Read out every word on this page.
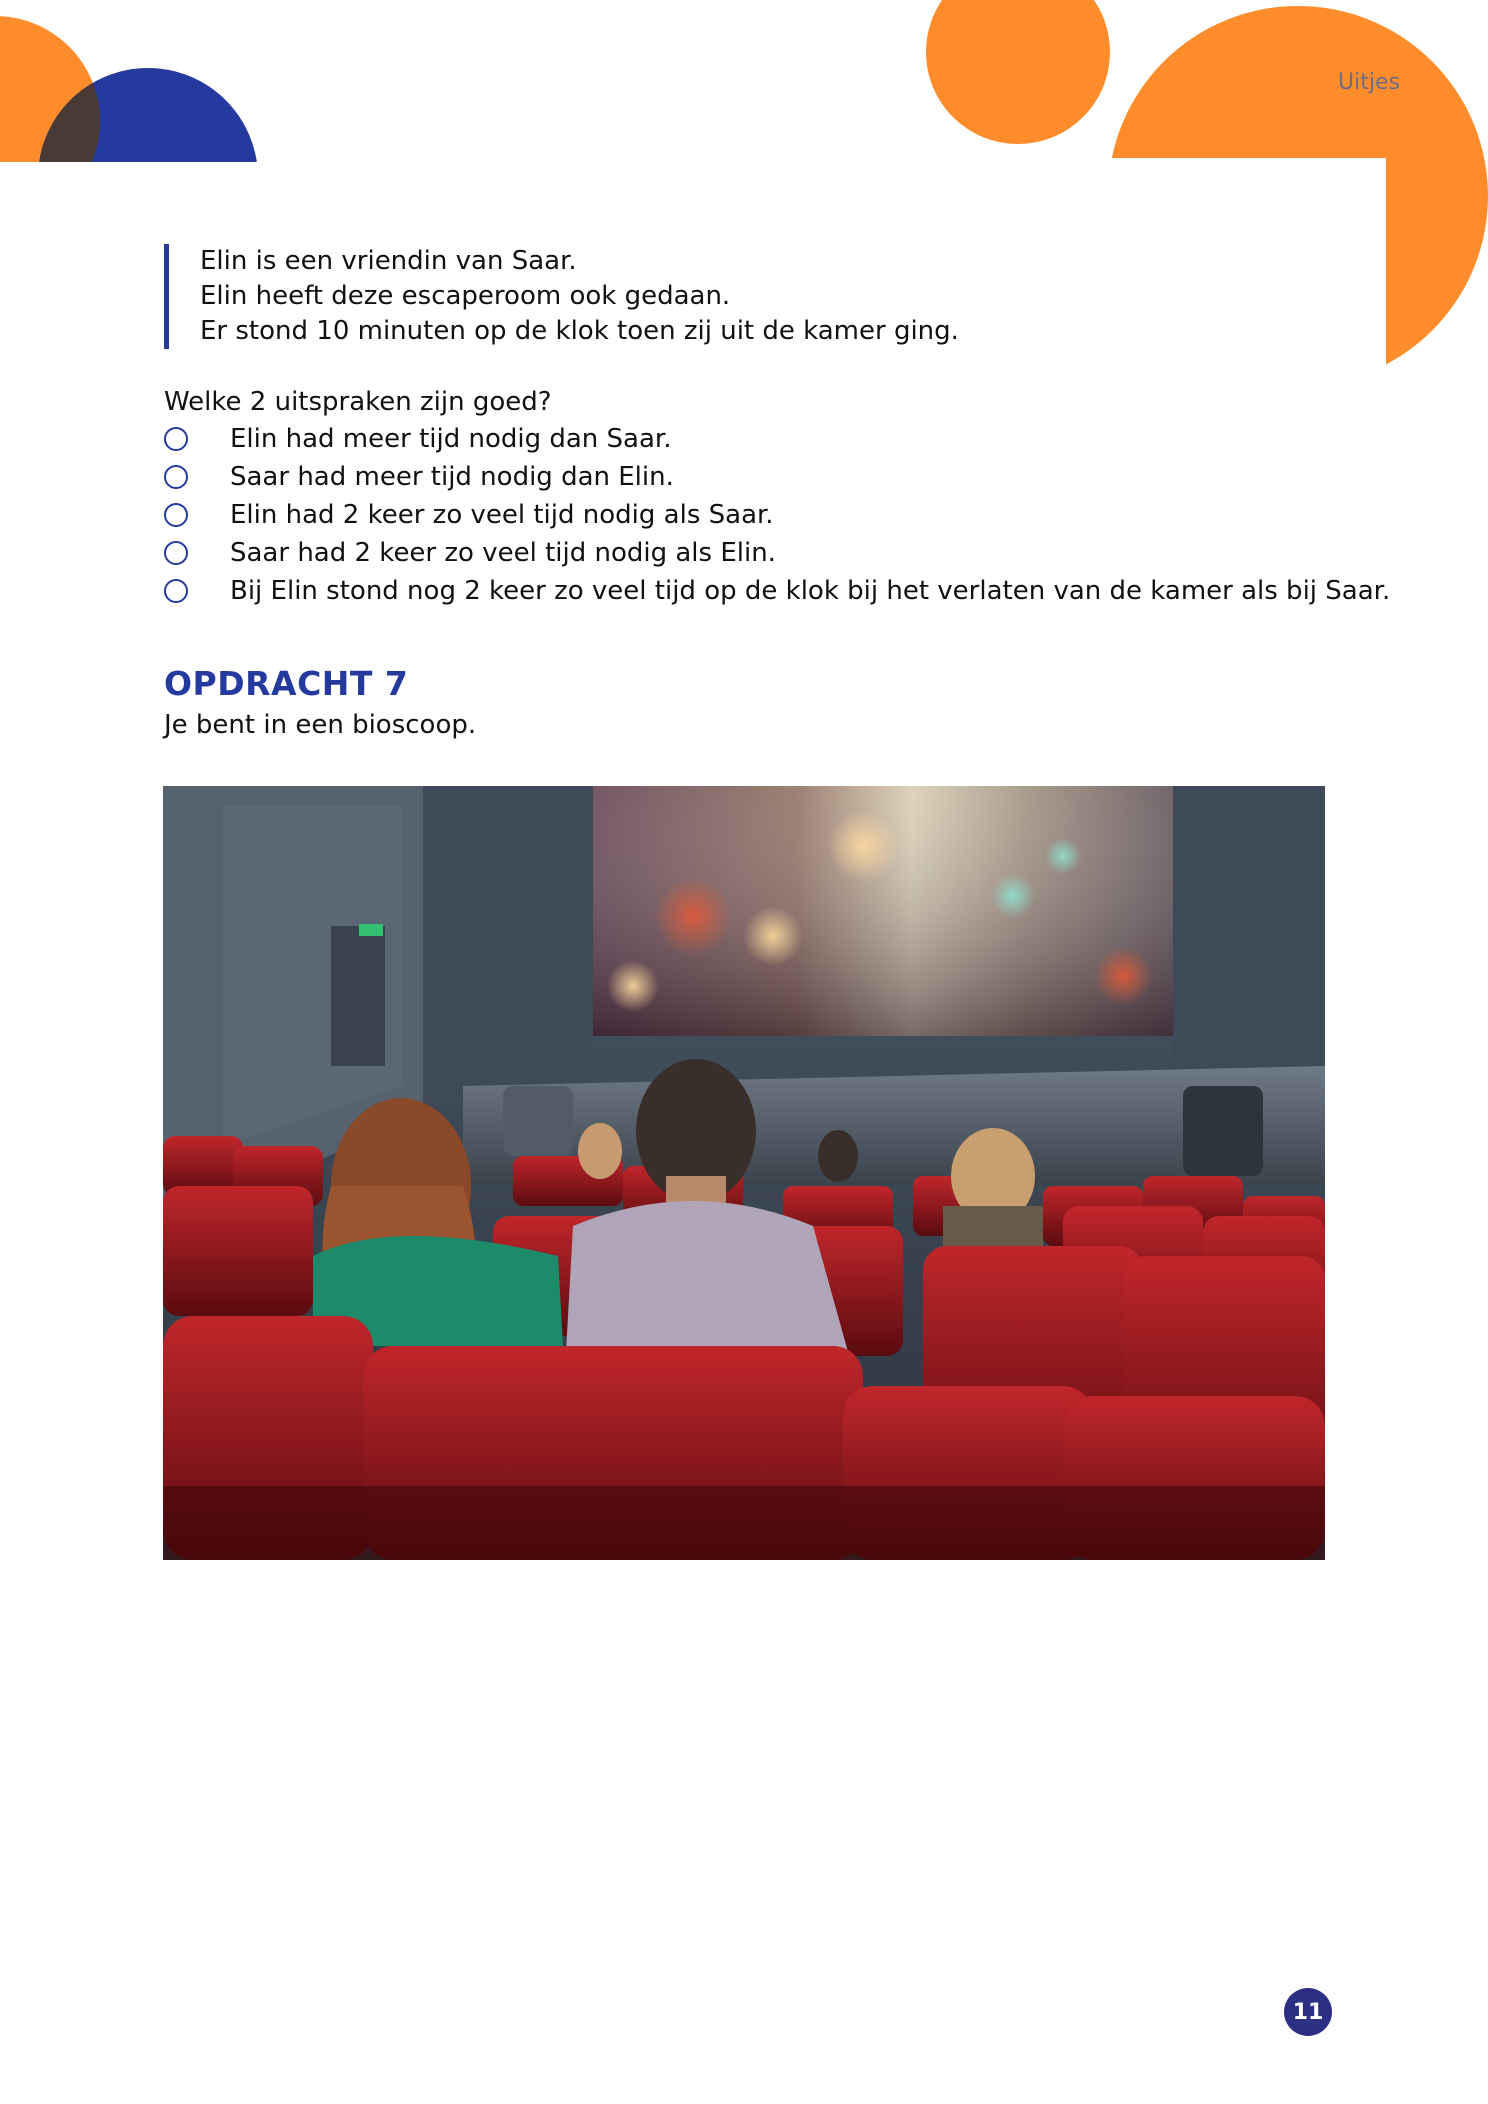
Uitjes
Elin is een vriendin van Saar.
Elin heeft deze escaperoom ook gedaan.
Er stond 10 minuten op de klok toen zij uit de kamer ging.
Welke 2 uitspraken zijn goed?
Elin had meer tijd nodig dan Saar.
Saar had meer tijd nodig dan Elin.
Elin had 2 keer zo veel tijd nodig als Saar.
Saar had 2 keer zo veel tijd nodig als Elin.
Bij Elin stond nog 2 keer zo veel tijd op de klok bij het verlaten van de kamer als bij Saar.
OPDRACHT 7
Je bent in een bioscoop.
11
